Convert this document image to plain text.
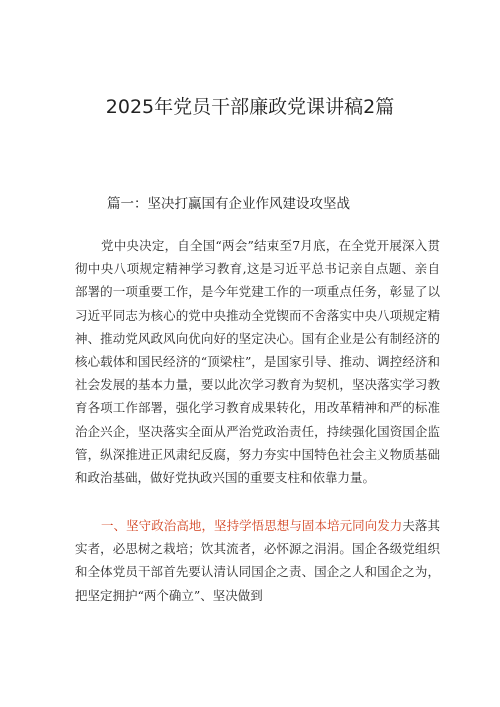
2025年党员干部廉政党课讲稿2篇
篇一：坚决打赢国有企业作风建设攻坚战
党中央决定，自全国“两会”结束至7月底，在全党开展深入贯彻中央八项规定精神学习教育,这是习近平总书记亲自点题、亲自部署的一项重要工作，是今年党建工作的一项重点任务，彰显了以习近平同志为核心的党中央推动全党锲而不舍落实中央八项规定精神、推动党风政风向优向好的坚定决心。国有企业是公有制经济的核心载体和国民经济的“顶梁柱”，是国家引导、推动、调控经济和社会发展的基本力量，要以此次学习教育为契机，坚决落实学习教育各项工作部署，强化学习教育成果转化，用改革精神和严的标准治企兴企，坚决落实全面从严治党政治责任，持续强化国资国企监管，纵深推进正风肃纪反腐，努力夯实中国特色社会主义物质基础和政治基础，做好党执政兴国的重要支柱和依靠力量。
一、坚守政治高地，坚持学悟思想与固本培元同向发力夫落其实者，必思树之栽培；饮其流者，必怀源之涓涓。国企各级党组织和全体党员干部首先要认清认同国企之责、国企之人和国企之为，把坚定拥护“两个确立”、坚决做到
